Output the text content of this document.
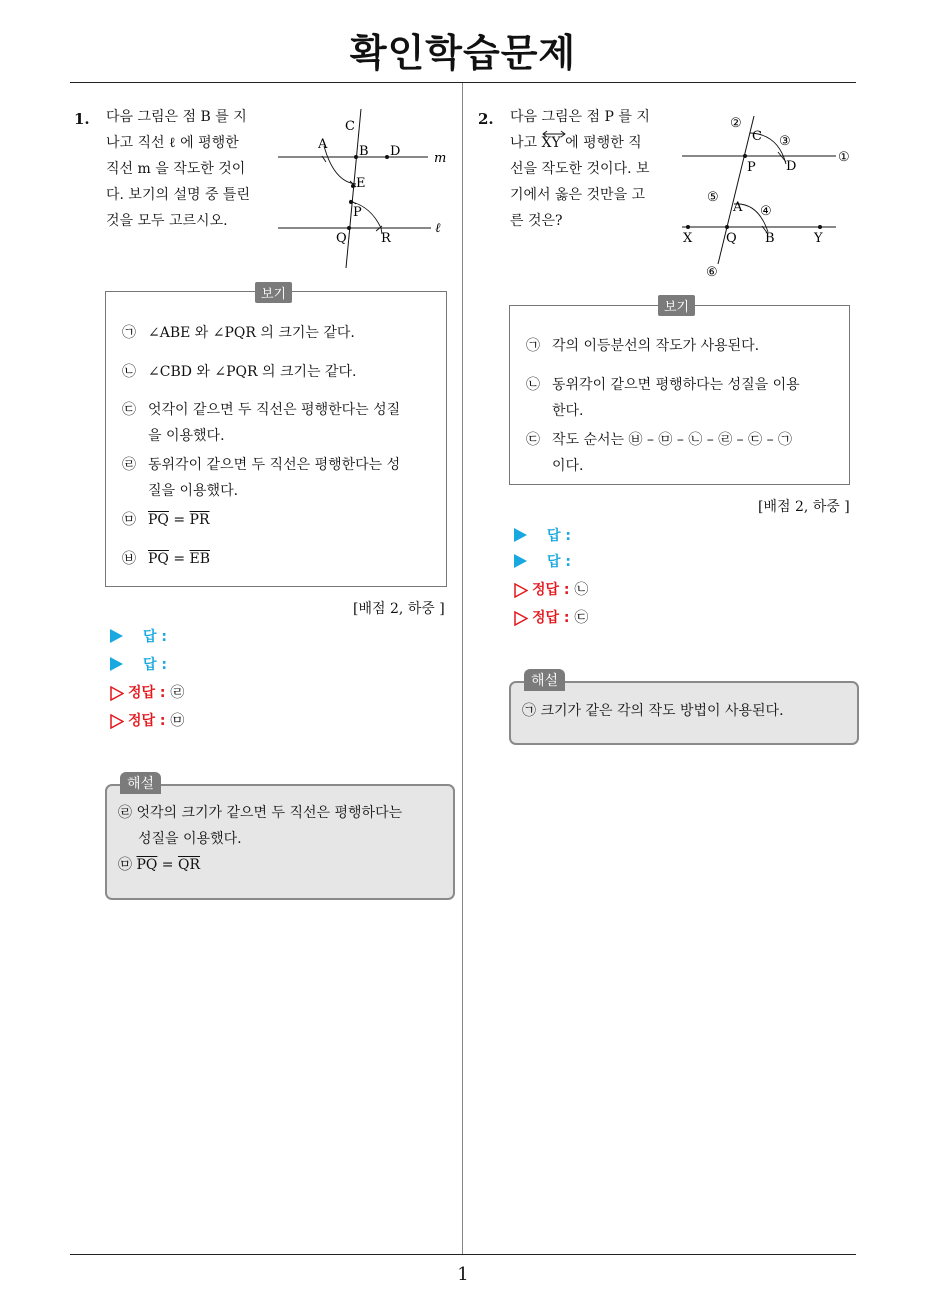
확인학습문제
1. 다음 그림은 점 B 를 지
나고 직선 ℓ 에 평행한
직선 m 을 작도한 것이
다. 보기의 설명 중 틀린
것을 모두 고르시오.
C
A B D
E
P
Q	R
m
ℓ
보기
㉠ ∠ABE 와 ∠PQR 의 크기는 같다.
㉡ ∠CBD 와 ∠PQR 의 크기는 같다.
㉢ 엇각이 같으면 두 직선은 평행한다는 성질
을 이용했다.
㉣ 동위각이 같으면 두 직선은 평행한다는 성
질을 이용했다.
㉤ $\overline{PQ} = \overline{PR}$
㉥ $\overline{PQ} = \overline{EB}$
[배점 2, 하중 ]
답 :
답 :
정답 : ㉣
정답 : ㉤
해설
㉣ 엇각의 크기가 같으면 두 직선은 평행하다는
성질을 이용했다.
㉤ $\overline{PQ} = \overline{QR}$
2. 다음 그림은 점 P 를 지
나고
XY 에 평행한 직
선을 작도한 것이다. 보
기에서 옳은 것만을 고
른 것은?
②
③
①
⑤
④
⑥
C
P D
A
X	Q B	Y
보기
㉠ 각의 이등분선의 작도가 사용된다.
㉡ 동위각이 같으면 평행하다는 성질을 이용
한다.
㉢ 작도 순서는 ㉥ – ㉤ – ㉡ – ㉣ – ㉢ – ㉠
이다.
[배점 2, 하중 ]
답 :
답 :
정답 : ㉡
정답 : ㉢
해설
㉠ 크기가 같은 각의 작도 방법이 사용된다.
1
